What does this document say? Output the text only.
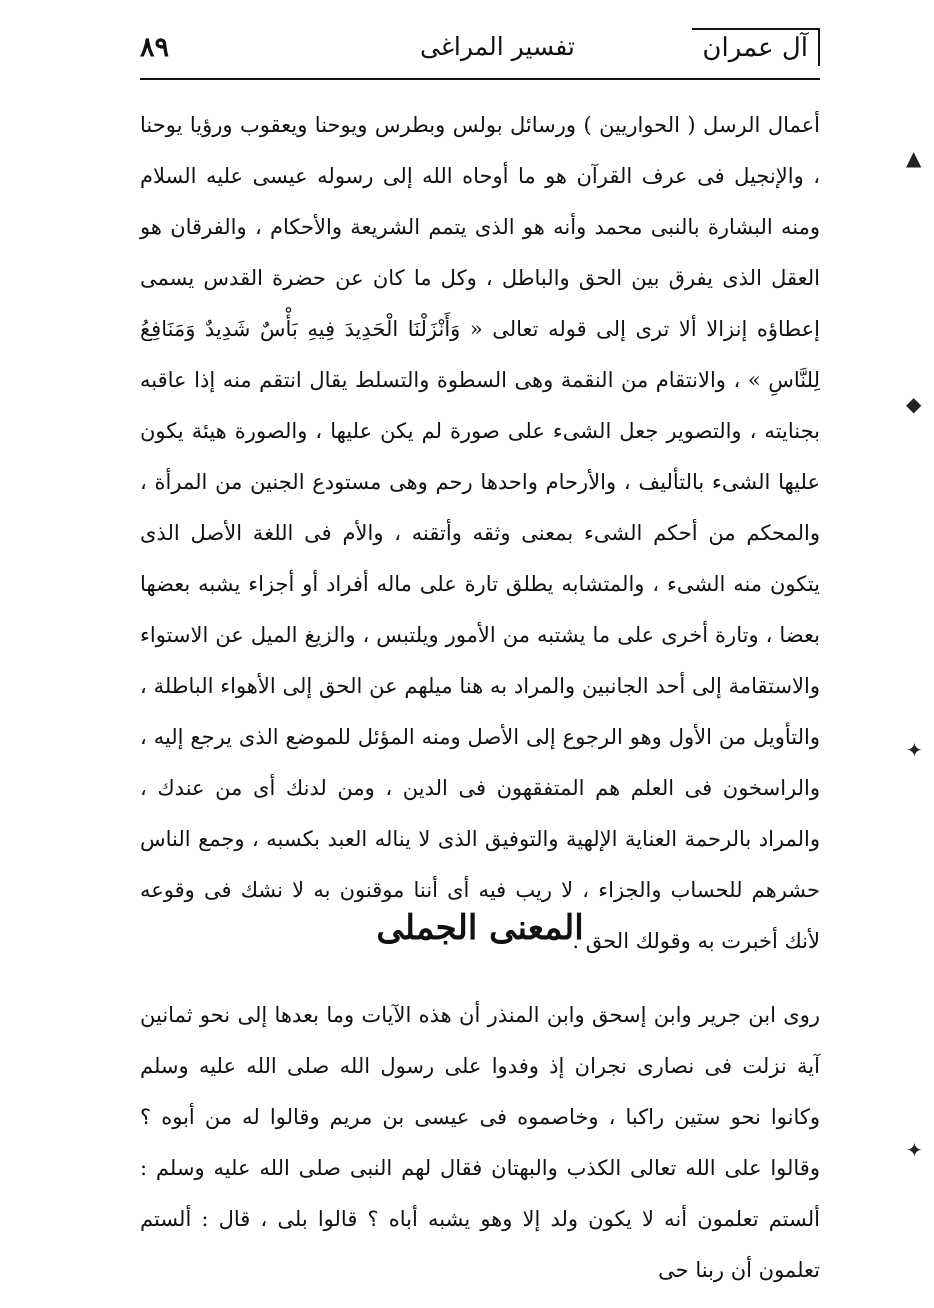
آل عمران
تفسير المراغى
٨٩

أعمال الرسل ( الحواريين ) ورسائل بولس وبطرس ويوحنا ويعقوب ورؤيا يوحنا ، والإنجيل فى عرف القرآن هو ما أوحاه الله إلى رسوله عيسى عليه السلام ومنه البشارة بالنبى محمد وأنه هو الذى يتمم الشريعة والأحكام ، والفرقان هو العقل الذى يفرق بين الحق والباطل ، وكل ما كان عن حضرة القدس يسمى إعطاؤه إنزالا ألا ترى إلى قوله تعالى « وَأَنْزَلْنَا الْحَدِيدَ فِيهِ بَأْسٌ شَدِيدٌ وَمَنَافِعُ لِلنَّاسِ » ، والانتقام من النقمة وهى السطوة والتسلط يقال انتقم منه إذا عاقبه بجنايته ، والتصوير جعل الشىء على صورة لم يكن عليها ، والصورة هيئة يكون عليها الشىء بالتأليف ، والأرحام واحدها رحم وهى مستودع الجنين من المرأة ، والمحكم من أحكم الشىء بمعنى وثقه وأتقنه ، والأم فى اللغة الأصل الذى يتكون منه الشىء ، والمتشابه يطلق تارة على ماله أفراد أو أجزاء يشبه بعضها بعضا ، وتارة أخرى على ما يشتبه من الأمور ويلتبس ، والزيغ الميل عن الاستواء والاستقامة إلى أحد الجانبين والمراد به هنا ميلهم عن الحق إلى الأهواء الباطلة ، والتأويل من الأول وهو الرجوع إلى الأصل ومنه المؤئل للموضع الذى يرجع إليه ، والراسخون فى العلم هم المتفقهون فى الدين ، ومن لدنك أى من عندك ، والمراد بالرحمة العناية الإلهية والتوفيق الذى لا يناله العبد بكسبه ، وجمع الناس حشرهم للحساب والجزاء ، لا ريب فيه أى أننا موقنون به لا نشك فى وقوعه لأنك أخبرت به وقولك الحق .

المعنى الجملى

روى ابن جرير وابن إسحق وابن المنذر أن هذه الآيات وما بعدها إلى نحو ثمانين آية نزلت فى نصارى نجران إذ وفدوا على رسول الله صلى الله عليه وسلم وكانوا نحو ستين راكبا ، وخاصموه فى عيسى بن مريم وقالوا له من أبوه ؟ وقالوا على الله تعالى الكذب والبهتان فقال لهم النبى صلى الله عليه وسلم : ألستم تعلمون أنه لا يكون ولد إلا وهو يشبه أباه ؟ قالوا بلى ، قال : ألستم تعلمون أن ربنا حى

▲
◆
✦
✦
